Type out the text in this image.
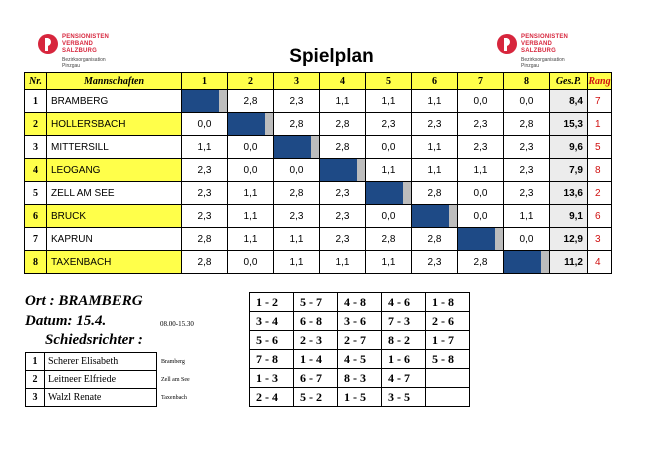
PENSIONISTEN
VERBAND
SALZBURG
Bezirksorganisation
Pinzgau
PENSIONISTEN
VERBAND
SALZBURG
Bezirksorganisation
Pinzgau
Spielplan
Nr.	Mannschaften	1	2	3	4	5	6	7	8	Ges.P.	Rang
1	BRAMBERG		2,8	2,3	1,1	1,1	1,1	0,0	0,0	8,4	7
2	HOLLERSBACH	0,0		2,8	2,8	2,3	2,3	2,3	2,8	15,3	1
3	MITTERSILL	1,1	0,0		2,8	0,0	1,1	2,3	2,3	9,6	5
4	LEOGANG	2,3	0,0	0,0		1,1	1,1	1,1	2,3	7,9	8
5	ZELL AM SEE	2,3	1,1	2,8	2,3		2,8	0,0	2,3	13,6	2
6	BRUCK	2,3	1,1	2,3	2,3	0,0		0,0	1,1	9,1	6
7	KAPRUN	2,8	1,1	1,1	2,3	2,8	2,8		0,0	12,9	3
8	TAXENBACH	2,8	0,0	1,1	1,1	1,1	2,3	2,8		11,2	4
Ort : BRAMBERG
Datum: 15.4.	08.00-15.30
Schiedsrichter :
1	Scherer Elisabeth	Bramberg
2	Leitneer Elfriede	Zell am See
3	Walzl Renate	Taxenbach
1 - 2	5 - 7	4 - 8	4 - 6	1 - 8
3 - 4	6 - 8	3 - 6	7 - 3	2 - 6
5 - 6	2 - 3	2 - 7	8 - 2	1 - 7
7 - 8	1 - 4	4 - 5	1 - 6	5 - 8
1 - 3	6 - 7	8 - 3	4 - 7	
2 - 4	5 - 2	1 - 5	3 - 5	
